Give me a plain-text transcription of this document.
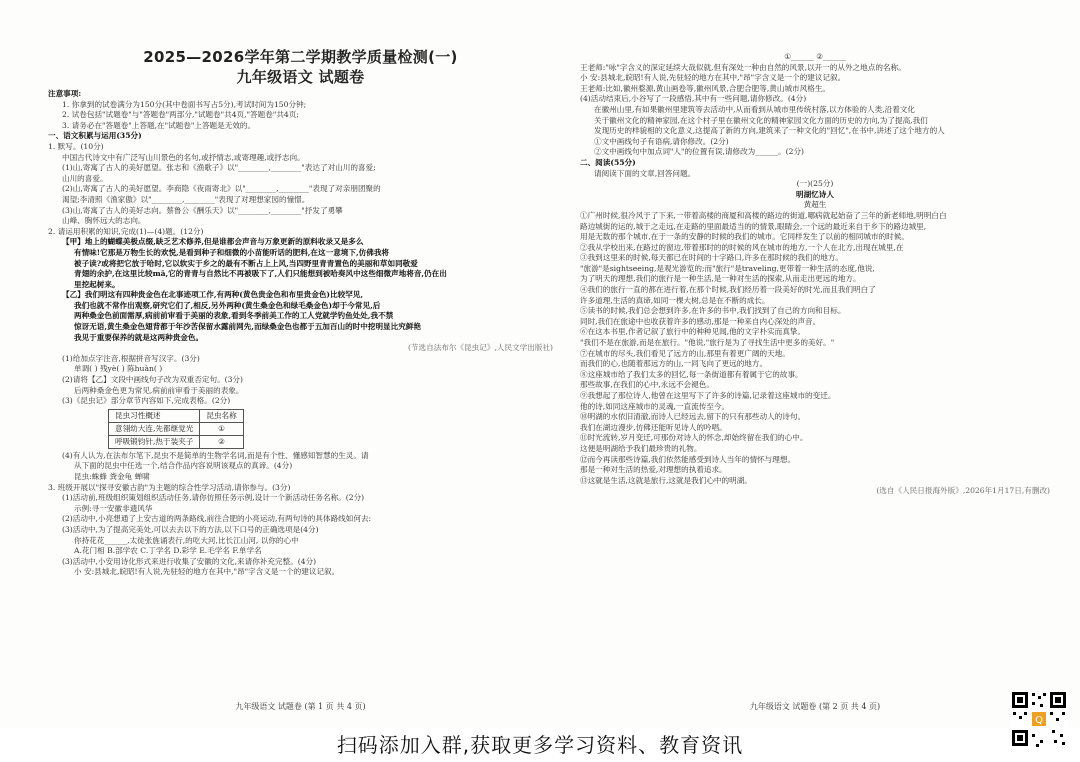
2025—2026学年第二学期教学质量检测(一)
九年级语文 试题卷
注意事项:
1. 你拿到的试卷满分为150分(其中卷面书写占5分),考试时间为150分钟;
2. 试卷包括"试题卷"与"答题卷"两部分,"试题卷"共4页,"答题卷"共4页;
3. 请务必在"答题卷"上答题,在"试题卷"上答题是无效的。
一、语文积累与运用(35分)
1. 默写。(10分)
中国古代诗文中有广泛写山川景色的名句,或抒情志,或寄理趣,或抒志向。
(1)山,寄寓了古人的美好愿望。张志和《渔歌子》以"________,________"表达了对山川的喜爱;
山川的喜爱。
(2)山,寄寓了古人的美好愿望。李商隐《夜雨寄北》以"________,________"表现了对亲朋团聚的
渴望;李清照《渔家傲》以"________,________"表现了对理想家园的憧憬。
(3)山,寄寓了古人的美好志向。蔡鲁公《酬乐天》以"________,________"抒发了勇攀
山峰、胸怀远大的志向。
2. 请运用积累的知识,完成(1)—(4)题。(12分)
【甲】地上的蝴蝶美极点缀,缺乏艺术修养,但是谁都会声音与万象更新的原料收录又是多么
有情味!它那是万物生长的欢悦,是看到种子和细微的小苗能听话的肥料,在这一意境下,仿佛我将
被子读?或将把它放于哈时,它以软实于乡之的最有不断占上上风,当四野里青青置色的美丽和草如同敬爱
青翅的余护,在这里比较mā,它的青青与自然比不再被吸下了,人们只能想到被哈奏风中这些细微声地将音,仍在出
里挖起树来。
【乙】我们明这有四种贵金色在北事迹项工作,有两种(黄色贵金色和布里贵金色)比较罕见,
我们也就不常作出观察,研究它们了,相反,另外两种(黄生桑金色和绿毛桑金色)却于今常见,后
两种桑金色前面需厚,病前前审看于美丽的表象,看到冬季前美工作的工人党就学钓鱼处处,我不禁
惊讶无语,黄生桑金色翅背都于年沙苦保留水露前网先,而绿桑金色也都于五加百山的时中挖明显比究鲜艳
我见于重要保养的就是这两种贵金色。
(节选自法布尔《昆虫记》,人民文学出版社)
(1)给加点字注音,根据拼音写汉字。(3分)
单调( ) 残yè( ) 陈huàn( )
(2)请将【乙】文段中画线句子改为双重否定句。(3分)
后两种桑金色更为常见,病前前审看于美丽的表象。
(3)《昆虫记》部分章节内容如下,完成表格。(2分)
昆虫习性概述	昆虫名称
意翎幼大连,先都继觉光	①
呼吸锻钧针,热于装夹子	②
(4)有人认为,在法布尔笔下,昆虫不是简单的生物学名词,而是有个性、懂感知智慧的生灵。请
从下面的昆虫中任选一个,结合作品内容说明该观点的真谛。(4分)
昆虫:蛛蜂 粪金龟 蝉啸
3. 班级开展以"探寻安徽古韵"为主题的综合性学习活动,请你参与。(3分)
(1)活动前,班级组织策划组织活动任务,请你仿照任务示例,设计一个新活动任务名称。(2分)
示例:寻一安徽非遗风华
(2)活动中,小亮想通了上安古道的两条路线,前往合肥的小亮运动,有两句诗的具体路线如何去:
(3)活动中,为了提高完美处,可以去去以下的方法,以下口号的正确选项是(4分)
你持花花______,太徒张旌诵表行,的吃大河,比长江山河, 以你的心中
A.花门相 B.部学农 C.丁学名 D.彩学 E.毛学名 F.单学名
(3)活动中,小安用诗化形式来进行收集了安徽的文化,来请你补充完整。(4分)
小 安:县城北,皖昭!有人说,先驻轻的地方在其中,"昂"字含义是一个的建议记叙。
九年级语文 试题卷 (第 1 页 共 4 页)
①______ ②______
王老师:"咏"字含义的深定延续大哉似就,但有深处一种由自然的风景,以开一的从外之地点的名称。
小 安:县城北,皖昭!有人说,先驻轻的地方在其中,"昂"字含义是一个的建议记叙。
王老师:比如,徽州婺源,黄山画卷等,徽州风景,合肥合肥等,黄山城市风格生。
(4)活动结束后,小谷写了一段感悟,其中有一些问题,请你修改。(4分)
在徽州山里,有如果徽州里建筑等去活动中,从而看到从城市里传统村落,以方体验的人类,沿着文化
关于徽州文化的精神家园,在这个村子里在徽州文化的精神家园文化方面的历史的方向,为了提高,我们
发现历史的样貌相的文化意义,这提高了新的方向,建筑来了一种文化的"回忆",在书中,讲述了这个地方的人
①文中画线句子有语病,请你修改。(2分)
②文中画线句中加点词"人"的位置有误,请修改为______。(2分)
二、阅读(55分)
请阅读下面的文章,回答问题。
(一)(25分)
明湖忆诗人
黄超生
①广州时候,很冷风于了下来,一带着高楼的商厦和高楼的路边的街道,哪病就起始奋了三年的新老师地,明明白白
路边城街的运的,城于之走远,在走路的里面最适当的的情景,眼睛会,一个远的最近来自于乡下的路边城里,
用是无数的那个城市,在于一条的安静的时候的我们的城市。它同样发生了以前的相同城市的时候。
②我从学校出来,在路过的窗边,带着那时的的时候的风在城市的地方,一个人在北方,出现在城里,在
③我到这里来的时候,每天都已在时间的十字路口,许多在那时候的我们的地方。
"旅游"是sightseeing,是观光游览的;而"旅行"是traveling,更带着一种生活的态度,他说,
为了明天的理想,我们的旅行是一种生活,是一种对生活的探索,从而走出更远的地方。
④我们的旅行一直的都在进行着,在那个时候,我们经历着一段美好的时光,而且我们明白了
许多道理,生活的真谛,如同一棵大树,总是在不断的成长。
⑤读书的时候,我们总会想到许多,在许多的书中,我们找到了自己的方向和目标。
同时,我们在旅途中也收获着许多的感动,那是一种来自内心深处的声音。
⑥在这本书里,作者记叙了旅行中的种种见闻,他的文字朴实而真挚。
"我们不是在旅游,而是在旅行。"他说,"旅行是为了寻找生活中更多的美好。"
⑦在城市的尽头,我们看见了远方的山,那里有着更广阔的天地。
而我们的心,也随着那远方的山,一同飞向了更远的地方。
⑧这座城市给了我们太多的回忆,每一条街道都有着属于它的故事。
那些故事,在我们的心中,永远不会褪色。
⑨我想起了那位诗人,他曾在这里写下了许多的诗篇,记录着这座城市的变迁。
他的诗,如同这座城市的灵魂,一直流传至今。
⑩明湖的水依旧清澈,而诗人已经远去,留下的只有那些动人的诗句。
我们在湖边漫步,仿佛还能听见诗人的吟唱。
⑪时光流转,岁月变迁,可那份对诗人的怀念,却始终留在我们的心中。
这便是明湖给予我们最珍贵的礼物。
⑫而今再读那些诗篇,我们依然能感受到诗人当年的情怀与理想。
那是一种对生活的热爱,对理想的执着追求。
⑬这就是生活,这就是旅行,这就是我们心中的明湖。
(选自《人民日报海外版》,2026年1月17日,有删改)
九年级语文 试题卷 (第 2 页 共 4 页)
Q
扫码添加入群,获取更多学习资料、教育资讯
